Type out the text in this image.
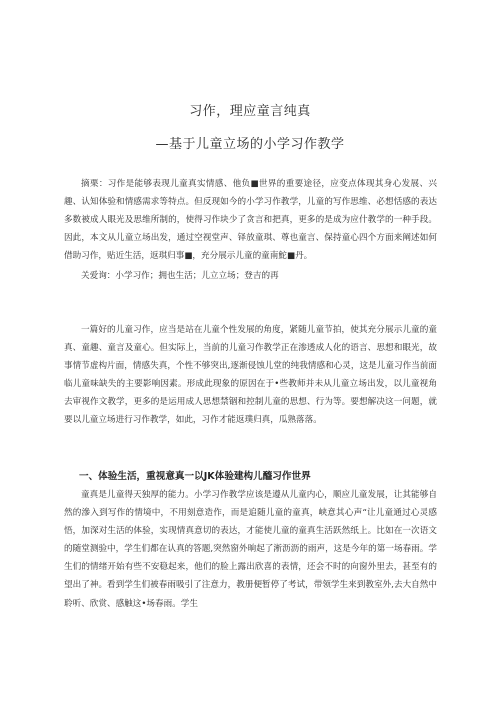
习作，理应童言纯真
—基于儿童立场的小学习作教学
摘栗：习作是能够表现儿童真实情感、他负■世界的重要途径，应变点体现其身心发展、兴趣、认知体验和情感需求等特点。但反现如今的小学习作教学，儿童的写作思维、必想恬感的表达多数被成人眼光及思维所制的，使得习作块少了贪言和把真，更多的是成为应什教学的一种手段。因此，本文从儿童立场出发，通过空视堂声、铎放童琪、尊也童言、保持童心四个方面来阐述如何借助习作，贴近生活，返琪归事■，充分展示儿童的童南鮀■丹。
关爱询：小学习作；拥也生活；儿立立场；登吉的再
一篇好的儿童习作，应当是站在儿童个性发展的角度，紧随儿童节拍，使其充分展示儿童的童真、童趣、童言及童心。但实际上，当前的儿童习作教学正在渗透成人化的语言、思想和眼光，故事情节虚构片面，情感失真，个性不够突出,逐渐侵蚀儿堂的纯我情感和心灵，这是儿童习作当前面临儿童味缺失的主要影响因素。形成此现象的原因在于•些教师并未从儿童立场出发，以儿童视角去审视作文教学，更多的是运用成人思想禁锢和控制儿童的思想、行为等。要想解决这一问题，就要以儿童立场进行习作教学，如此，习作才能返璞归真，瓜熟落落。
一、体验生活，重视意真一以JK体验建构儿醯习作世界
童真是儿童得天独厚的能力。小学习作教学应该是遵从儿童内心，顺应儿童发展，让其能够自然的滲入到写作的情境中，不用刻意造作，而是追随儿童的童真，峡意其心声“让儿童通过心灵感悟，加深对生活的体验，实现情真意切的表达，才能使儿童的童真生活跃然纸上。比如在一次语文的随堂测验中，学生们都在认真的答题,突然窗外晌起了淅沥沥的雨声，这是今年的第一场春雨。学生们的情绪开始有些不安稳起来，他们的脸上露出欣喜的表情，还会不时的向窗外里去，甚至有的望出了神。看到学生们被春雨吸引了注意力，教册便暂停了考试，带领学生来到教室外,去大自然中聆听、欣赏、感触这•场春雨。学生
